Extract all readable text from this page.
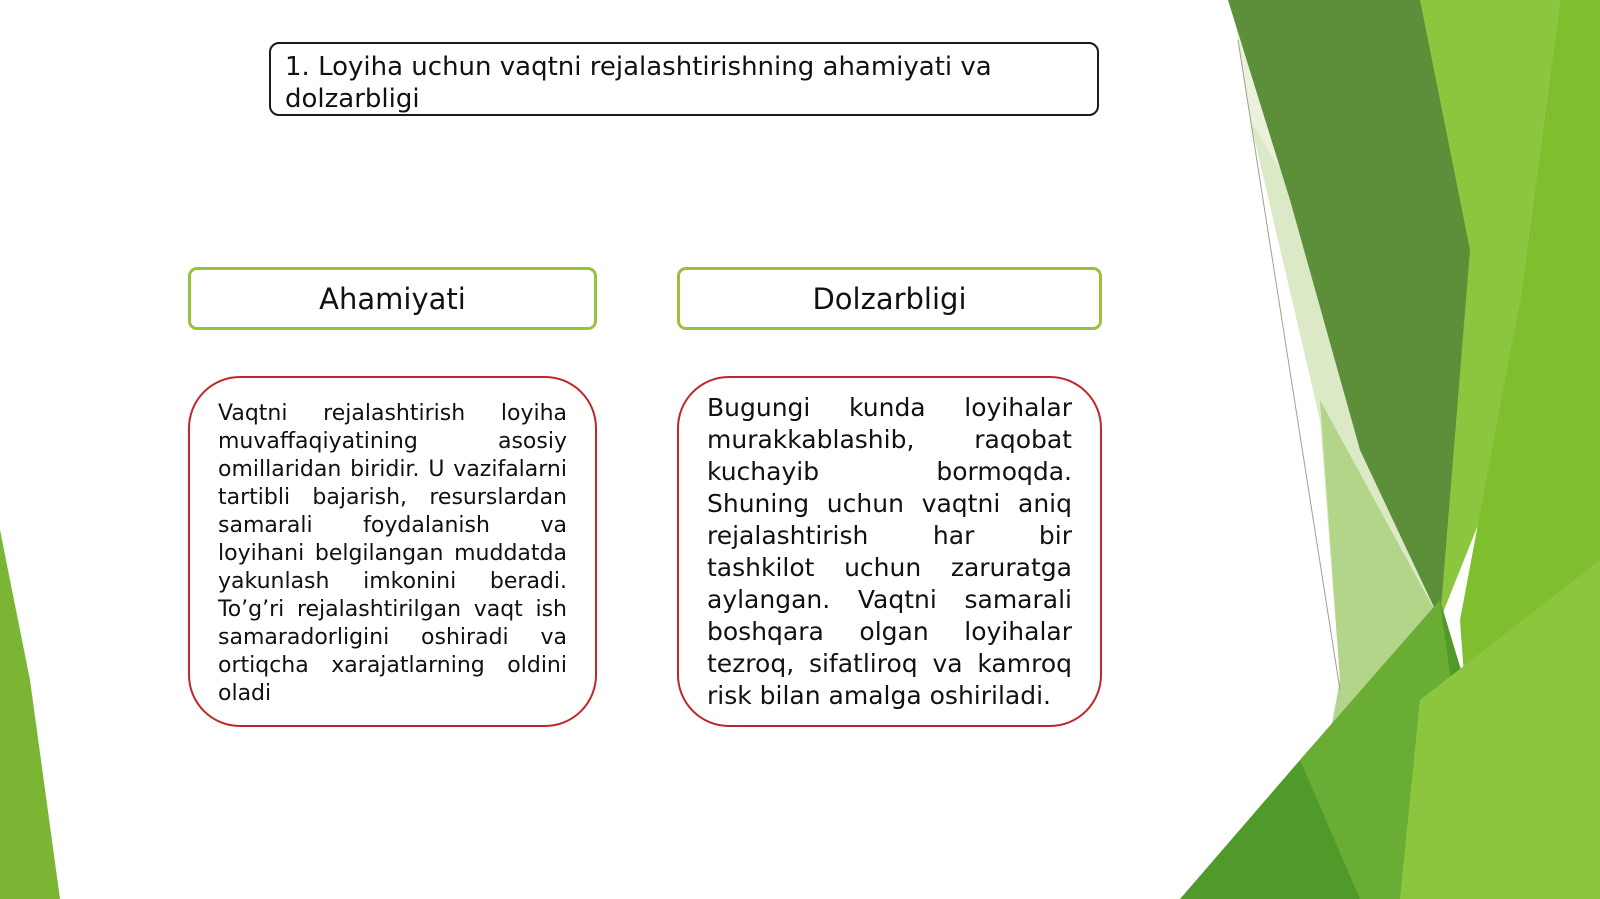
1. Loyiha uchun vaqtni rejalashtirishning ahamiyati va dolzarbligi
Ahamiyati	Dolzarbligi
Vaqtni rejalashtirish loyiha muvaffaqiyatining asosiy omillaridan biridir. U vazifalarni tartibli bajarish, resurslardan samarali foydalanish va loyihani belgilangan muddatda yakunlash imkonini beradi. To’g’ri rejalashtirilgan vaqt ish samaradorligini oshiradi va ortiqcha xarajatlarning oldini oladi
Bugungi kunda loyihalar murakkablashib, raqobat kuchayib bormoqda. Shuning uchun vaqtni aniq rejalashtirish har bir tashkilot uchun zaruratga aylangan. Vaqtni samarali boshqara olgan loyihalar tezroq, sifatliroq va kamroq risk bilan amalga oshiriladi.
